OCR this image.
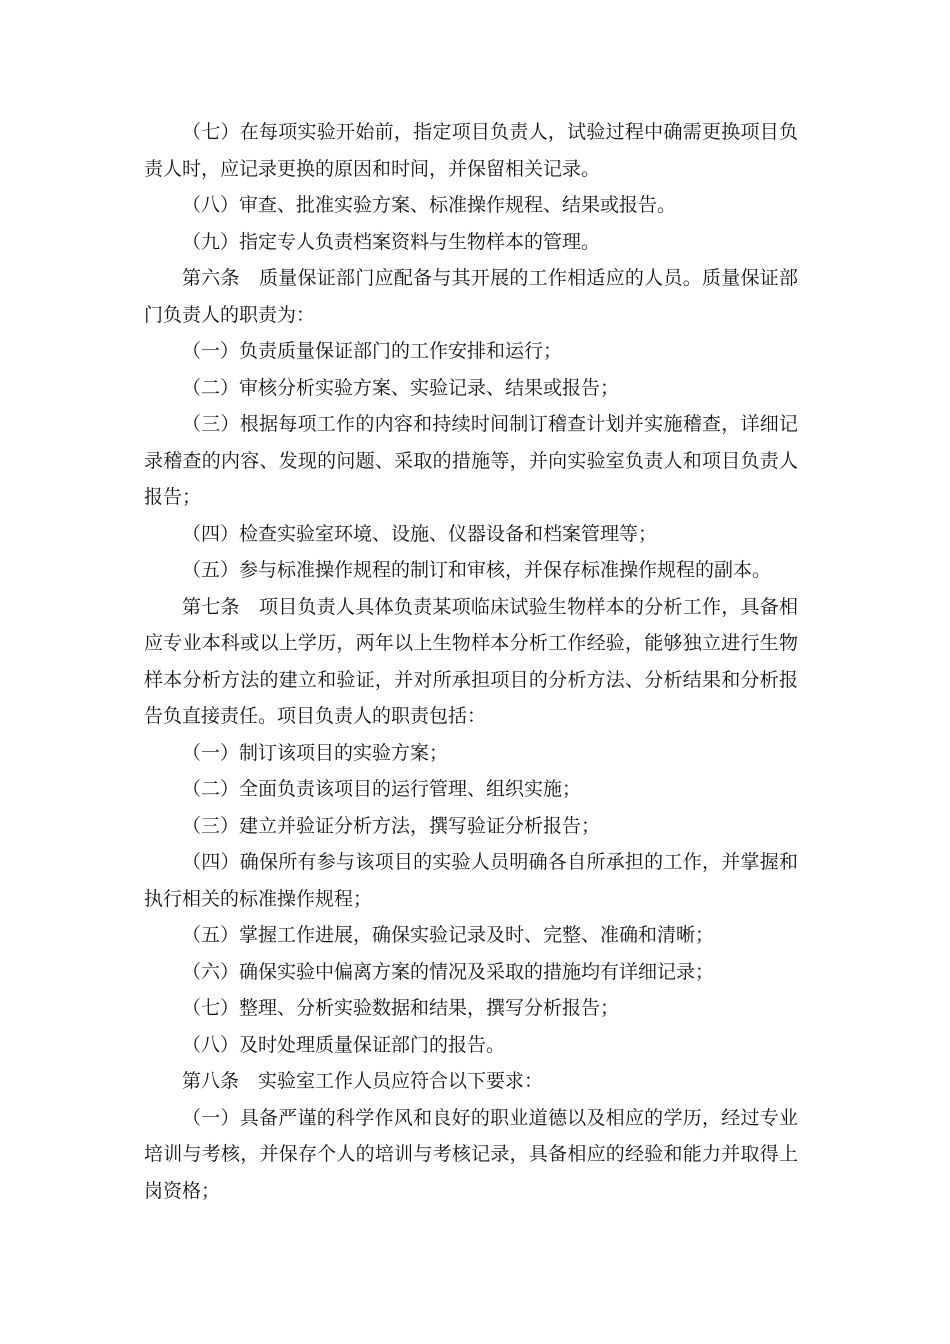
（七）在每项实验开始前，指定项目负责人，试验过程中确需更换项目负责人时，应记录更换的原因和时间，并保留相关记录。

（八）审查、批准实验方案、标准操作规程、结果或报告。

（九）指定专人负责档案资料与生物样本的管理。

第六条　质量保证部门应配备与其开展的工作相适应的人员。质量保证部门负责人的职责为：

（一）负责质量保证部门的工作安排和运行；

（二）审核分析实验方案、实验记录、结果或报告；

（三）根据每项工作的内容和持续时间制订稽查计划并实施稽查，详细记录稽查的内容、发现的问题、采取的措施等，并向实验室负责人和项目负责人报告；

（四）检查实验室环境、设施、仪器设备和档案管理等；

（五）参与标准操作规程的制订和审核，并保存标准操作规程的副本。

第七条　项目负责人具体负责某项临床试验生物样本的分析工作，具备相应专业本科或以上学历，两年以上生物样本分析工作经验，能够独立进行生物样本分析方法的建立和验证，并对所承担项目的分析方法、分析结果和分析报告负直接责任。项目负责人的职责包括：

（一）制订该项目的实验方案；

（二）全面负责该项目的运行管理、组织实施；

（三）建立并验证分析方法，撰写验证分析报告；

（四）确保所有参与该项目的实验人员明确各自所承担的工作，并掌握和执行相关的标准操作规程；

（五）掌握工作进展，确保实验记录及时、完整、准确和清晰；

（六）确保实验中偏离方案的情况及采取的措施均有详细记录；

（七）整理、分析实验数据和结果，撰写分析报告；

（八）及时处理质量保证部门的报告。

第八条　实验室工作人员应符合以下要求：

（一）具备严谨的科学作风和良好的职业道德以及相应的学历，经过专业培训与考核，并保存个人的培训与考核记录，具备相应的经验和能力并取得上岗资格；
